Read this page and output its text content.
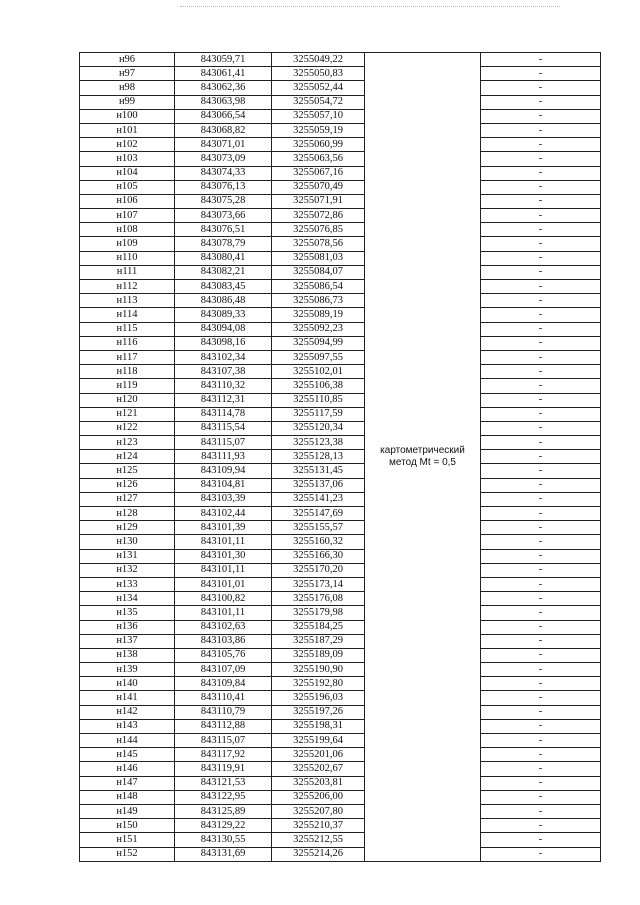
н96	843059,71	3255049,22	картометрический метод Mt = 0,5	-
н97	843061,41	3255050,83		-
н98	843062,36	3255052,44		-
н99	843063,98	3255054,72		-
н100	843066,54	3255057,10		-
н101	843068,82	3255059,19		-
н102	843071,01	3255060,99		-
н103	843073,09	3255063,56		-
н104	843074,33	3255067,16		-
н105	843076,13	3255070,49		-
н106	843075,28	3255071,91		-
н107	843073,66	3255072,86		-
н108	843076,51	3255076,85		-
н109	843078,79	3255078,56		-
н110	843080,41	3255081,03		-
н111	843082,21	3255084,07		-
н112	843083,45	3255086,54		-
н113	843086,48	3255086,73		-
н114	843089,33	3255089,19		-
н115	843094,08	3255092,23		-
н116	843098,16	3255094,99		-
н117	843102,34	3255097,55		-
н118	843107,38	3255102,01		-
н119	843110,32	3255106,38		-
н120	843112,31	3255110,85		-
н121	843114,78	3255117,59		-
н122	843115,54	3255120,34		-
н123	843115,07	3255123,38		-
н124	843111,93	3255128,13		-
н125	843109,94	3255131,45		-
н126	843104,81	3255137,06		-
н127	843103,39	3255141,23		-
н128	843102,44	3255147,69		-
н129	843101,39	3255155,57		-
н130	843101,11	3255160,32		-
н131	843101,30	3255166,30		-
н132	843101,11	3255170,20		-
н133	843101,01	3255173,14		-
н134	843100,82	3255176,08		-
н135	843101,11	3255179,98		-
н136	843102,63	3255184,25		-
н137	843103,86	3255187,29		-
н138	843105,76	3255189,09		-
н139	843107,09	3255190,90		-
н140	843109,84	3255192,80		-
н141	843110,41	3255196,03		-
н142	843110,79	3255197,26		-
н143	843112,88	3255198,31		-
н144	843115,07	3255199,64		-
н145	843117,92	3255201,06		-
н146	843119,91	3255202,67		-
н147	843121,53	3255203,81		-
н148	843122,95	3255206,00		-
н149	843125,89	3255207,80		-
н150	843129,22	3255210,37		-
н151	843130,55	3255212,55		-
н152	843131,69	3255214,26		-
